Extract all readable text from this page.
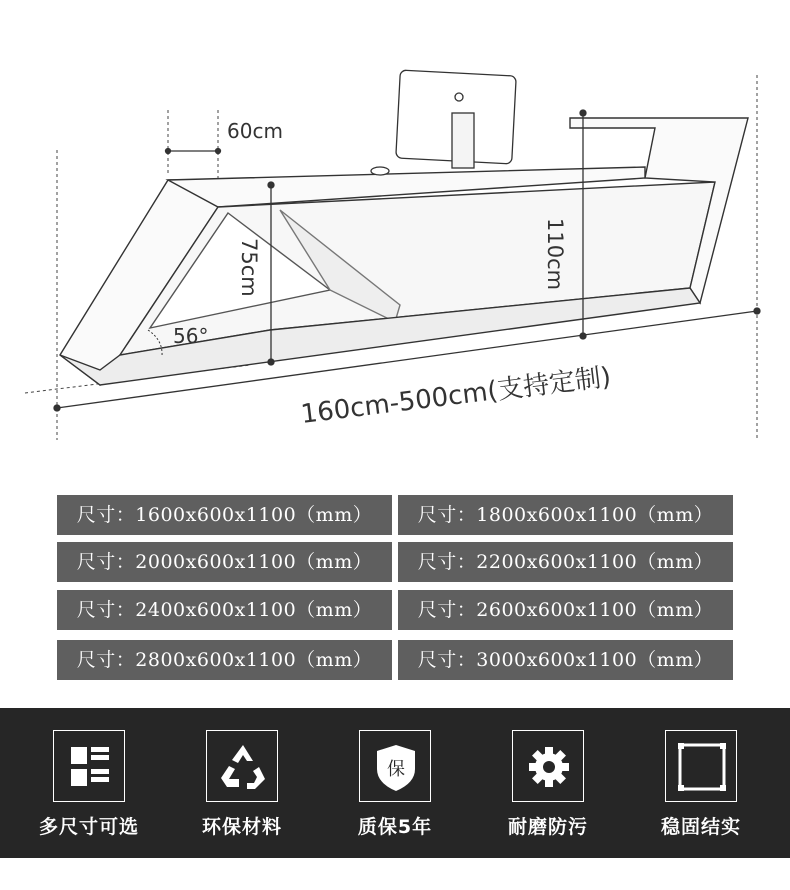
60cm
75cm	110cm
56°
160cm-500cm(支持定制)
尺寸：1600x600x1100（mm）	尺寸：1800x600x1100（mm）
尺寸：2000x600x1100（mm）	尺寸：2200x600x1100（mm）
尺寸：2400x600x1100（mm）	尺寸：2600x600x1100（mm）
尺寸：2800x600x1100（mm）	尺寸：3000x600x1100（mm）
多尺寸可选	环保材料
保
质保5年	耐磨防污	稳固结实
